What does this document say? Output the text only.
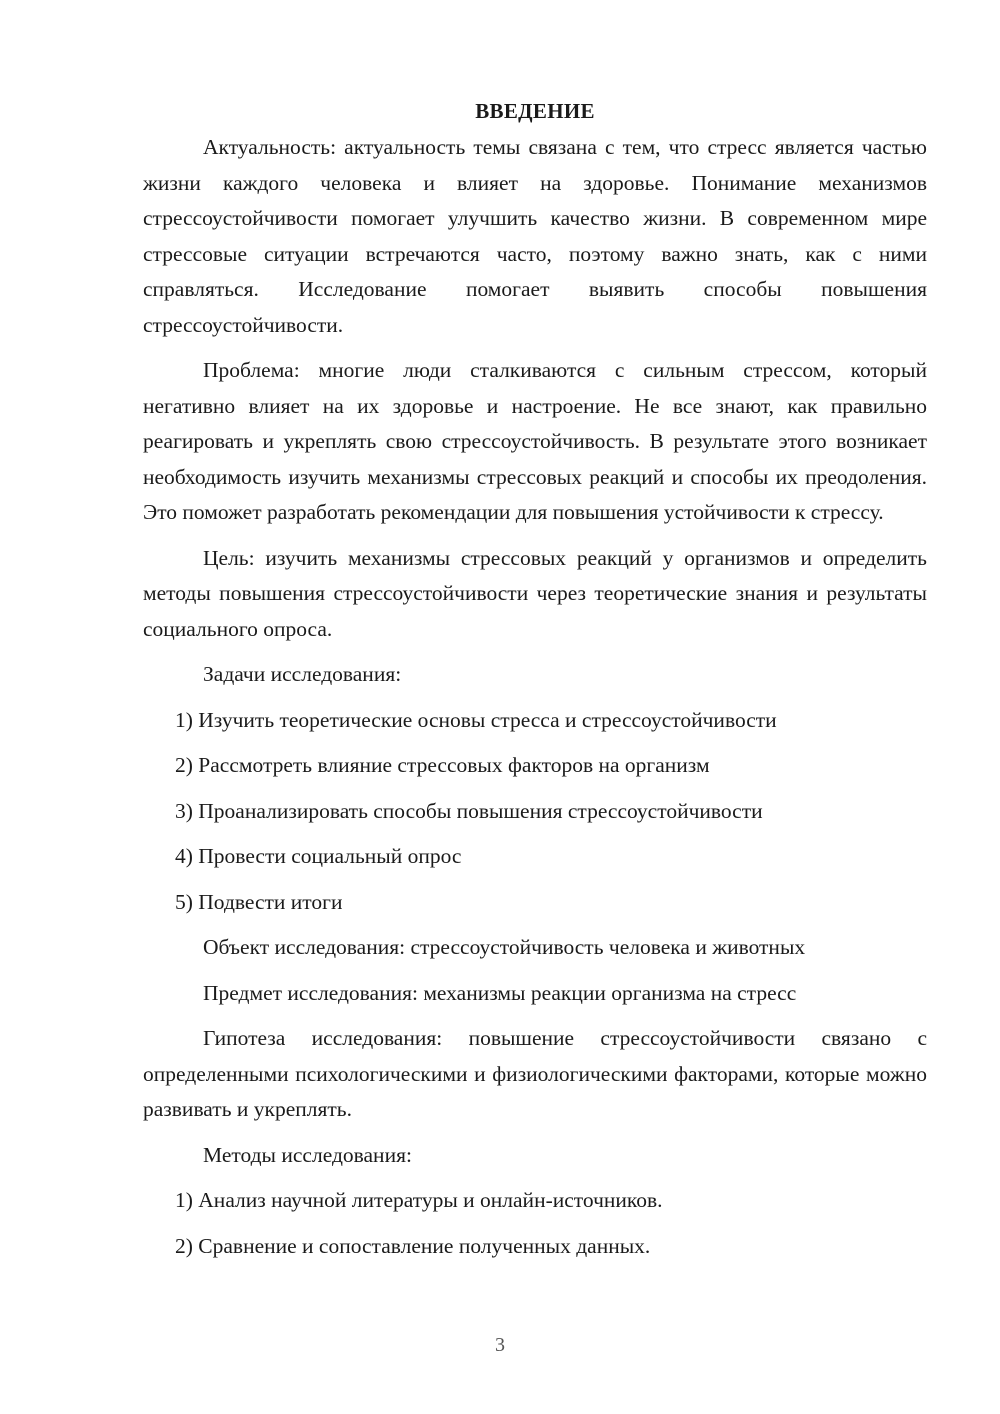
ВВЕДЕНИЕ

Актуальность: актуальность темы связана с тем, что стресс является частью жизни каждого человека и влияет на здоровье. Понимание механизмов стрессоустойчивости помогает улучшить качество жизни. В современном мире стрессовые ситуации встречаются часто, поэтому важно знать, как с ними справляться. Исследование помогает выявить способы повышения стрессоустойчивости.

Проблема: многие люди сталкиваются с сильным стрессом, который негативно влияет на их здоровье и настроение. Не все знают, как правильно реагировать и укреплять свою стрессоустойчивость. В результате этого возникает необходимость изучить механизмы стрессовых реакций и способы их преодоления. Это поможет разработать рекомендации для повышения устойчивости к стрессу.

Цель: изучить механизмы стрессовых реакций у организмов и определить методы повышения стрессоустойчивости через теоретические знания и результаты социального опроса.

Задачи исследования:
1) Изучить теоретические основы стресса и стрессоустойчивости
2) Рассмотреть влияние стрессовых факторов на организм
3) Проанализировать способы повышения стрессоустойчивости
4) Провести социальный опрос
5) Подвести итоги
Объект исследования: стрессоустойчивость человека и животных
Предмет исследования: механизмы реакции организма на стресс

Гипотеза исследования: повышение стрессоустойчивости связано с определенными психологическими и физиологическими факторами, которые можно развивать и укреплять.

Методы исследования:
1) Анализ научной литературы и онлайн-источников.
2) Сравнение и сопоставление полученных данных.
3
